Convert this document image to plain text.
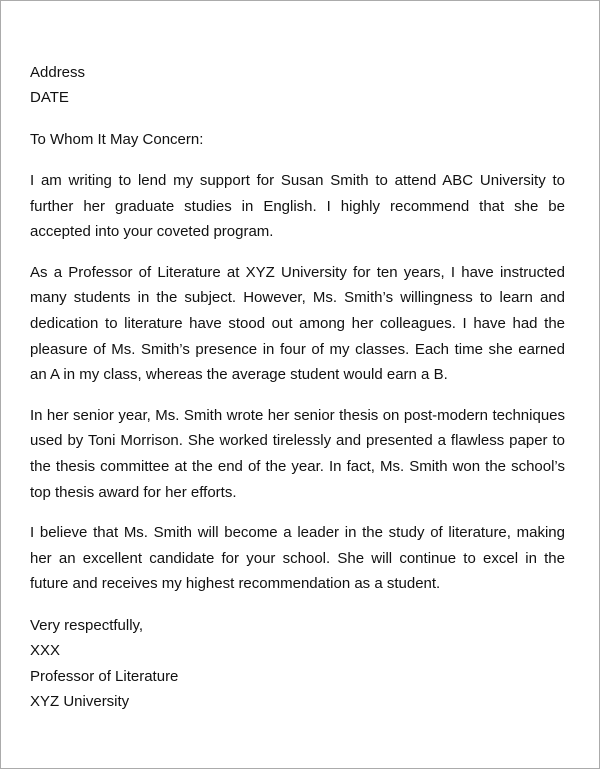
Address
DATE
To Whom It May Concern:
I am writing to lend my support for Susan Smith to attend ABC University to further her graduate studies in English. I highly recommend that she be accepted into your coveted program.
As a Professor of Literature at XYZ University for ten years, I have instructed many students in the subject. However, Ms. Smith’s willingness to learn and dedication to literature have stood out among her colleagues. I have had the pleasure of Ms. Smith’s presence in four of my classes. Each time she earned an A in my class, whereas the average student would earn a B.
In her senior year, Ms. Smith wrote her senior thesis on post-modern techniques used by Toni Morrison. She worked tirelessly and presented a flawless paper to the thesis committee at the end of the year. In fact, Ms. Smith won the school’s top thesis award for her efforts.
I believe that Ms. Smith will become a leader in the study of literature, making her an excellent candidate for your school. She will continue to excel in the future and receives my highest recommendation as a student.
Very respectfully,
XXX
Professor of Literature
XYZ University
